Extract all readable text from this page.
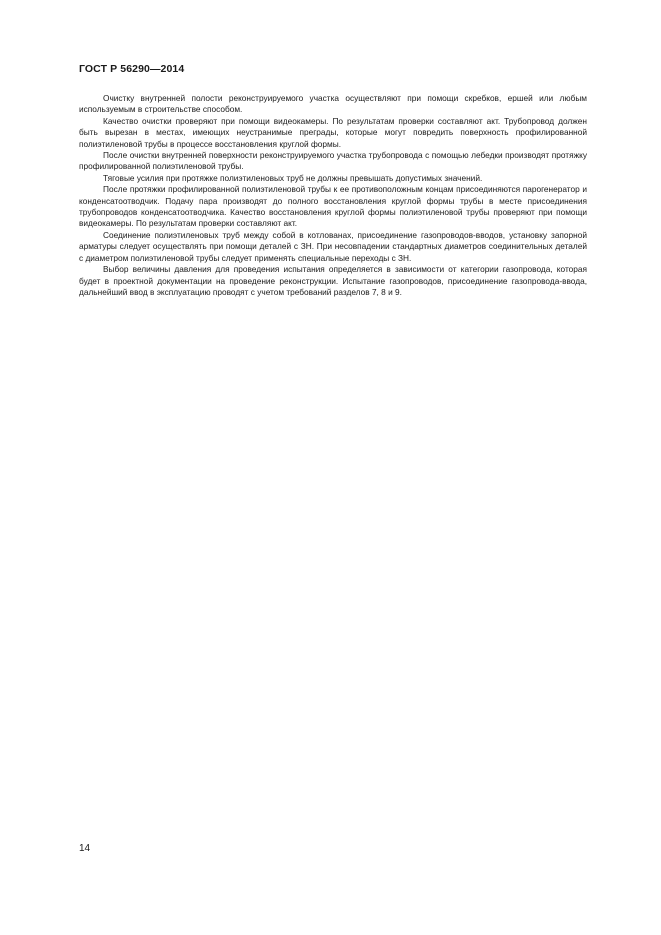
ГОСТ Р 56290—2014

Очистку внутренней полости реконструируемого участка осуществляют при помощи скребков, ершей или любым используемым в строительстве способом.

Качество очистки проверяют при помощи видеокамеры. По результатам проверки составляют акт. Трубопровод должен быть вырезан в местах, имеющих неустранимые преграды, которые могут повредить поверхность профилированной полиэтиленовой трубы в процессе восстановления круглой формы.

После очистки внутренней поверхности реконструируемого участка трубопровода с помощью лебедки производят протяжку профилированной полиэтиленовой трубы.

Тяговые усилия при протяжке полиэтиленовых труб не должны превышать допустимых значений.

После протяжки профилированной полиэтиленовой трубы к ее противоположным концам присоединяются парогенератор и конденсатоотводчик. Подачу пара производят до полного восстановления круглой формы трубы в месте присоединения трубопроводов конденсатоотводчика. Качество восстановления круглой формы полиэтиленовой трубы проверяют при помощи видеокамеры. По результатам проверки составляют акт.

Соединение полиэтиленовых труб между собой в котлованах, присоединение газопроводов-вводов, установку запорной арматуры следует осуществлять при помощи деталей с ЗН. При несовпадении стандартных диаметров соединительных деталей с диаметром полиэтиленовой трубы следует применять специальные переходы с ЗН.

Выбор величины давления для проведения испытания определяется в зависимости от категории газопровода, которая будет в проектной документации на проведение реконструкции. Испытание газопроводов, присоединение газопровода-ввода, дальнейший ввод в эксплуатацию проводят с учетом требований разделов 7, 8 и 9.

14
